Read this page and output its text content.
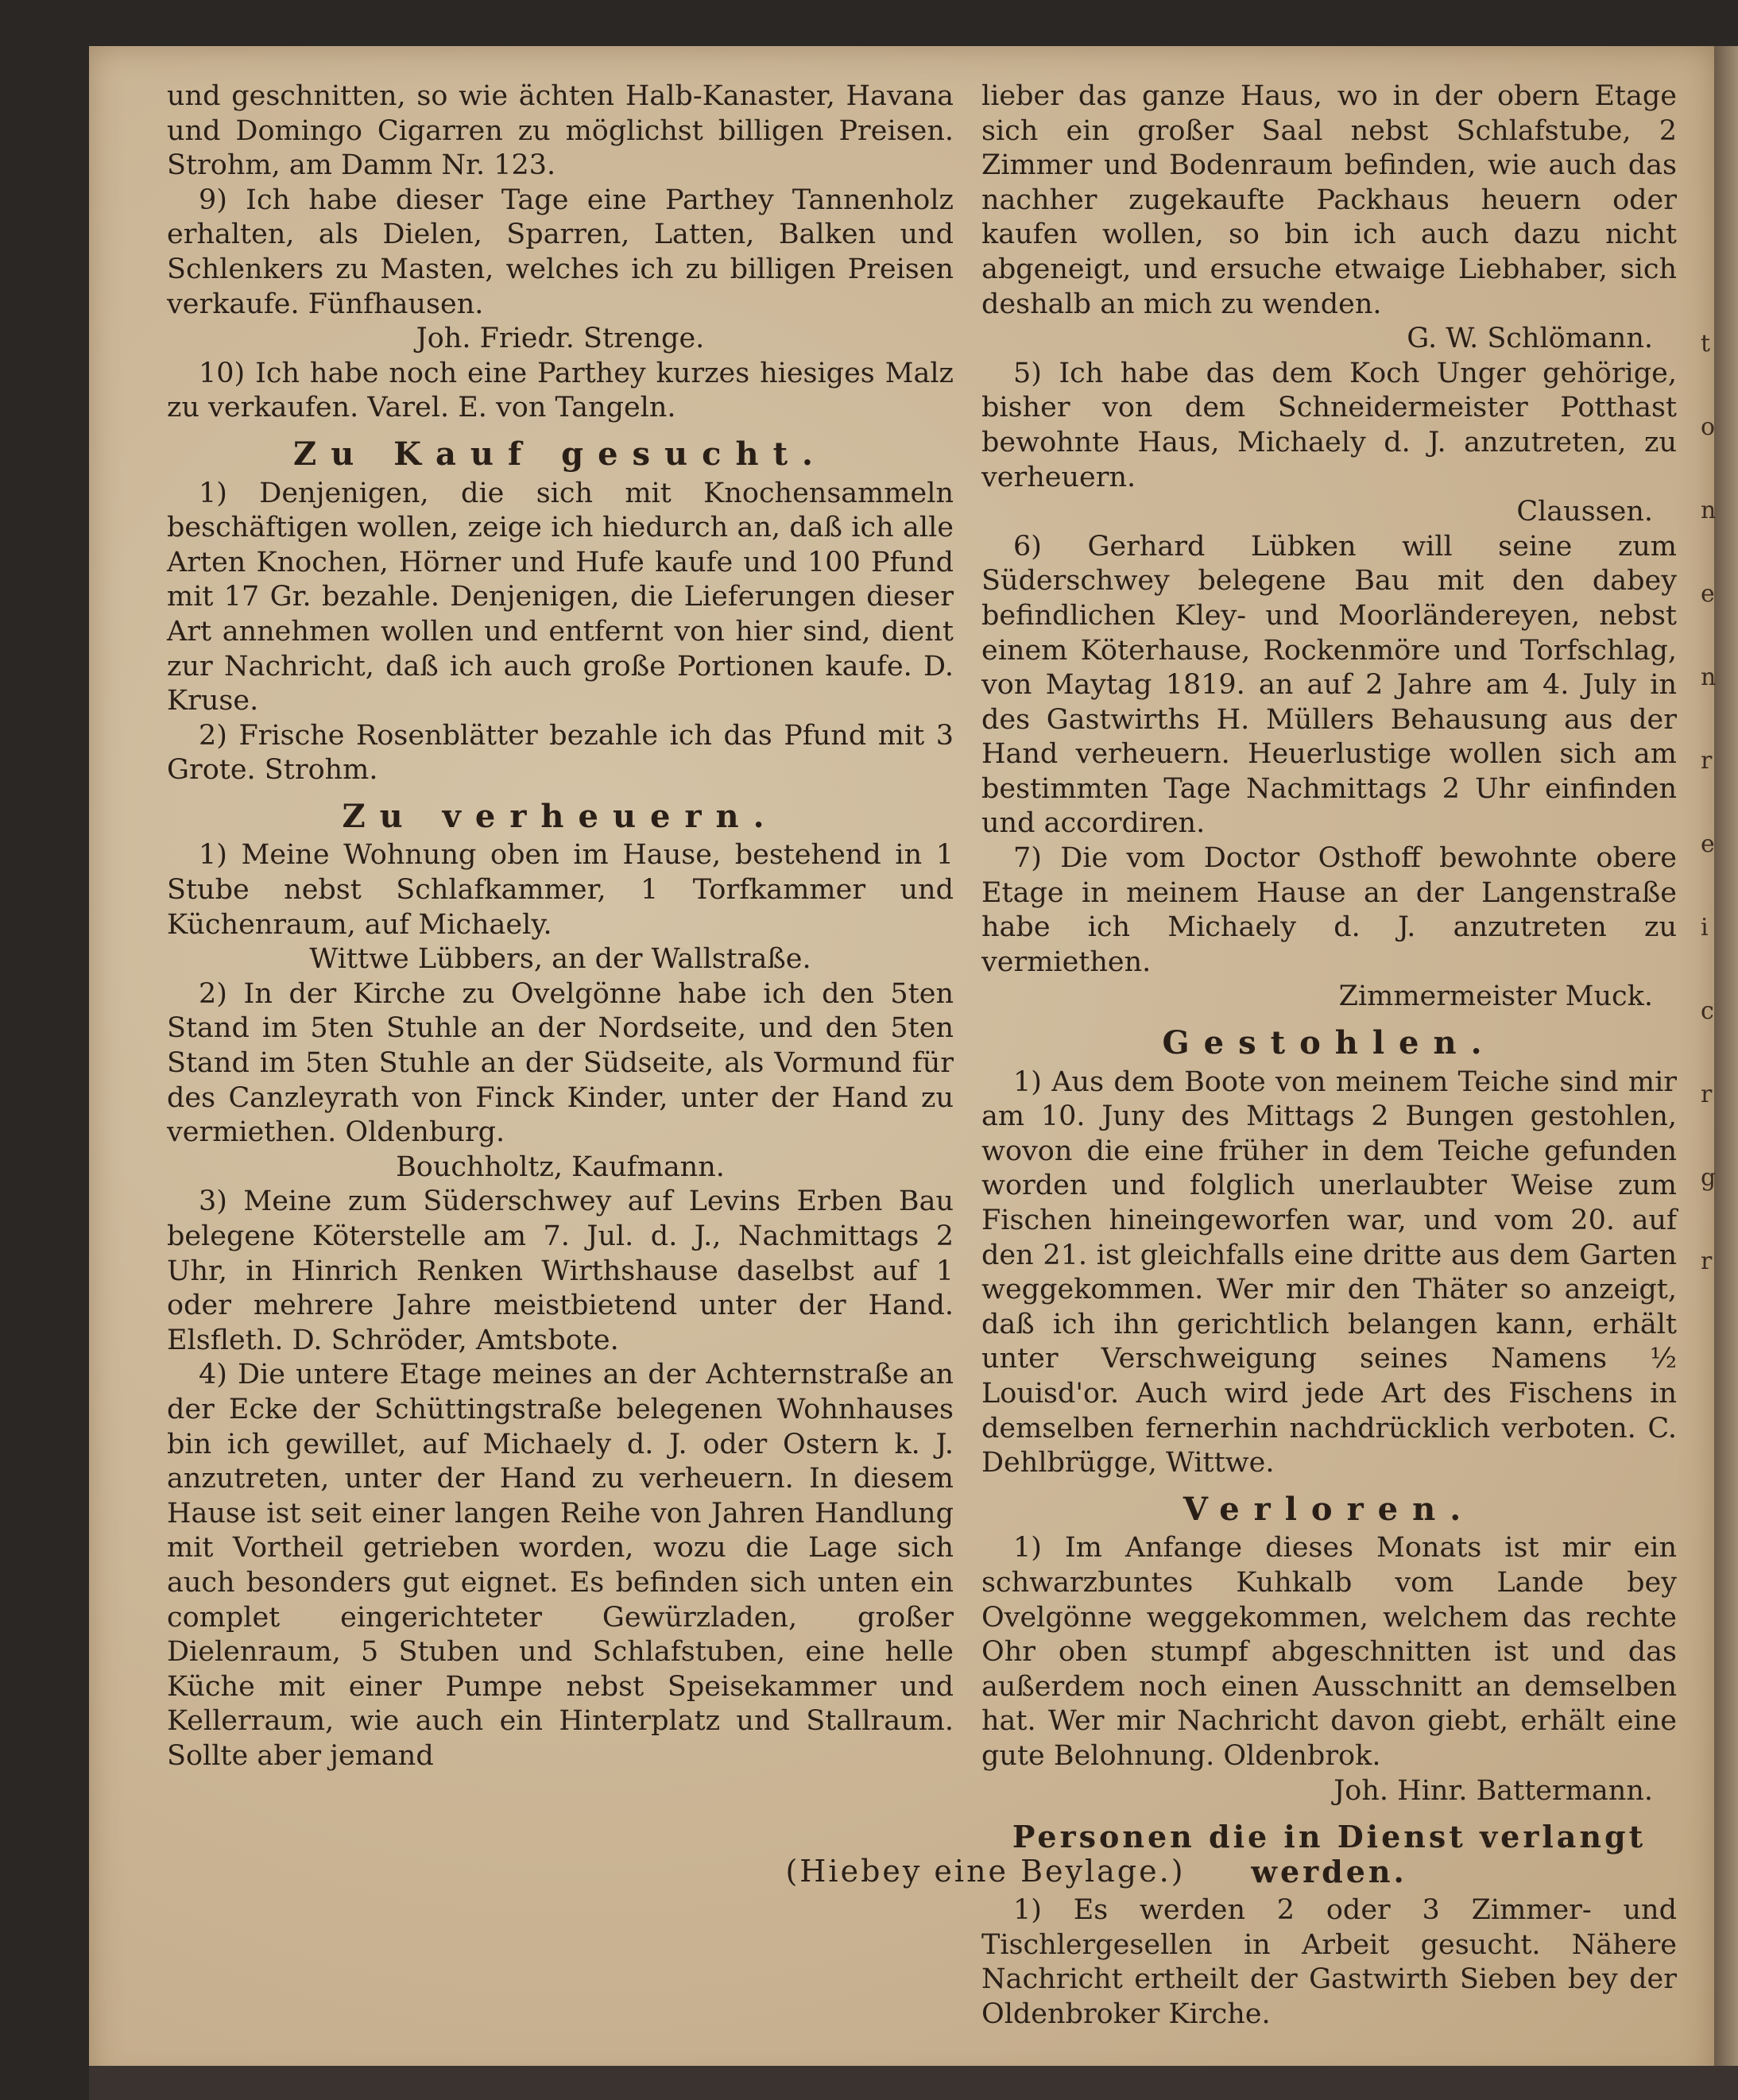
und geschnitten, so wie ächten Halb-Kanaster, Havana und Domingo Cigarren zu möglichst billigen Preisen. Strohm, am Damm Nr. 123.

9) Ich habe dieser Tage eine Parthey Tannenholz erhalten, als Dielen, Sparren, Latten, Balken und Schlenkers zu Masten, welches ich zu billigen Preisen verkaufe. Fünfhausen.

Joh. Friedr. Strenge.

10) Ich habe noch eine Parthey kurzes hiesiges Malz zu verkaufen. Varel. E. von Tangeln.

Zu Kauf gesucht.

1) Denjenigen, die sich mit Knochensammeln beschäftigen wollen, zeige ich hiedurch an, daß ich alle Arten Knochen, Hörner und Hufe kaufe und 100 Pfund mit 17 Gr. bezahle. Denjenigen, die Lieferungen dieser Art annehmen wollen und entfernt von hier sind, dient zur Nachricht, daß ich auch große Portionen kaufe. D. Kruse.

2) Frische Rosenblätter bezahle ich das Pfund mit 3 Grote. Strohm.

Zu verheuern.

1) Meine Wohnung oben im Hause, bestehend in 1 Stube nebst Schlafkammer, 1 Torfkammer und Küchenraum, auf Michaely.

Wittwe Lübbers, an der Wallstraße.

2) In der Kirche zu Ovelgönne habe ich den 5ten Stand im 5ten Stuhle an der Nordseite, und den 5ten Stand im 5ten Stuhle an der Südseite, als Vormund für des Canzleyrath von Finck Kinder, unter der Hand zu vermiethen. Oldenburg.

Bouchholtz, Kaufmann.

3) Meine zum Süderschwey auf Levins Erben Bau belegene Köterstelle am 7. Jul. d. J., Nachmittags 2 Uhr, in Hinrich Renken Wirthshause daselbst auf 1 oder mehrere Jahre meistbietend unter der Hand. Elsfleth. D. Schröder, Amtsbote.

4) Die untere Etage meines an der Achternstraße an der Ecke der Schüttingstraße belegenen Wohnhauses bin ich gewillet, auf Michaely d. J. oder Ostern k. J. anzutreten, unter der Hand zu verheuern. In diesem Hause ist seit einer langen Reihe von Jahren Handlung mit Vortheil getrieben worden, wozu die Lage sich auch besonders gut eignet. Es befinden sich unten ein complet eingerichteter Gewürzladen, großer Dielenraum, 5 Stuben und Schlafstuben, eine helle Küche mit einer Pumpe nebst Speisekammer und Kellerraum, wie auch ein Hinterplatz und Stallraum. Sollte aber jemand

lieber das ganze Haus, wo in der obern Etage sich ein großer Saal nebst Schlafstube, 2 Zimmer und Bodenraum befinden, wie auch das nachher zugekaufte Packhaus heuern oder kaufen wollen, so bin ich auch dazu nicht abgeneigt, und ersuche etwaige Liebhaber, sich deshalb an mich zu wenden.

G. W. Schlömann.

5) Ich habe das dem Koch Unger gehörige, bisher von dem Schneidermeister Potthast bewohnte Haus, Michaely d. J. anzutreten, zu verheuern.

Claussen.

6) Gerhard Lübken will seine zum Süderschwey belegene Bau mit den dabey befindlichen Kley- und Moorländereyen, nebst einem Köterhause, Rockenmöre und Torfschlag, von Maytag 1819. an auf 2 Jahre am 4. July in des Gastwirths H. Müllers Behausung aus der Hand verheuern. Heuerlustige wollen sich am bestimmten Tage Nachmittags 2 Uhr einfinden und accordiren.

7) Die vom Doctor Osthoff bewohnte obere Etage in meinem Hause an der Langenstraße habe ich Michaely d. J. anzutreten zu vermiethen.

Zimmermeister Muck.
Gestohlen.

1) Aus dem Boote von meinem Teiche sind mir am 10. Juny des Mittags 2 Bungen gestohlen, wovon die eine früher in dem Teiche gefunden worden und folglich unerlaubter Weise zum Fischen hineingeworfen war, und vom 20. auf den 21. ist gleichfalls eine dritte aus dem Garten weggekommen. Wer mir den Thäter so anzeigt, daß ich ihn gerichtlich belangen kann, erhält unter Verschweigung seines Namens ½ Louisd'or. Auch wird jede Art des Fischens in demselben fernerhin nachdrücklich verboten. C. Dehlbrügge, Wittwe.

Verloren.

1) Im Anfange dieses Monats ist mir ein schwarzbuntes Kuhkalb vom Lande bey Ovelgönne weggekommen, welchem das rechte Ohr oben stumpf abgeschnitten ist und das außerdem noch einen Ausschnitt an demselben hat. Wer mir Nachricht davon giebt, erhält eine gute Belohnung. Oldenbrok.

Joh. Hinr. Battermann.
Personen die in Dienst verlangt werden.

1) Es werden 2 oder 3 Zimmer- und Tischlergesellen in Arbeit gesucht. Nähere Nachricht ertheilt der Gastwirth Sieben bey der Oldenbroker Kirche.

(Hiebey eine Beylage.)
t
o
n
e
n
r
e
i
c
r
g
r
